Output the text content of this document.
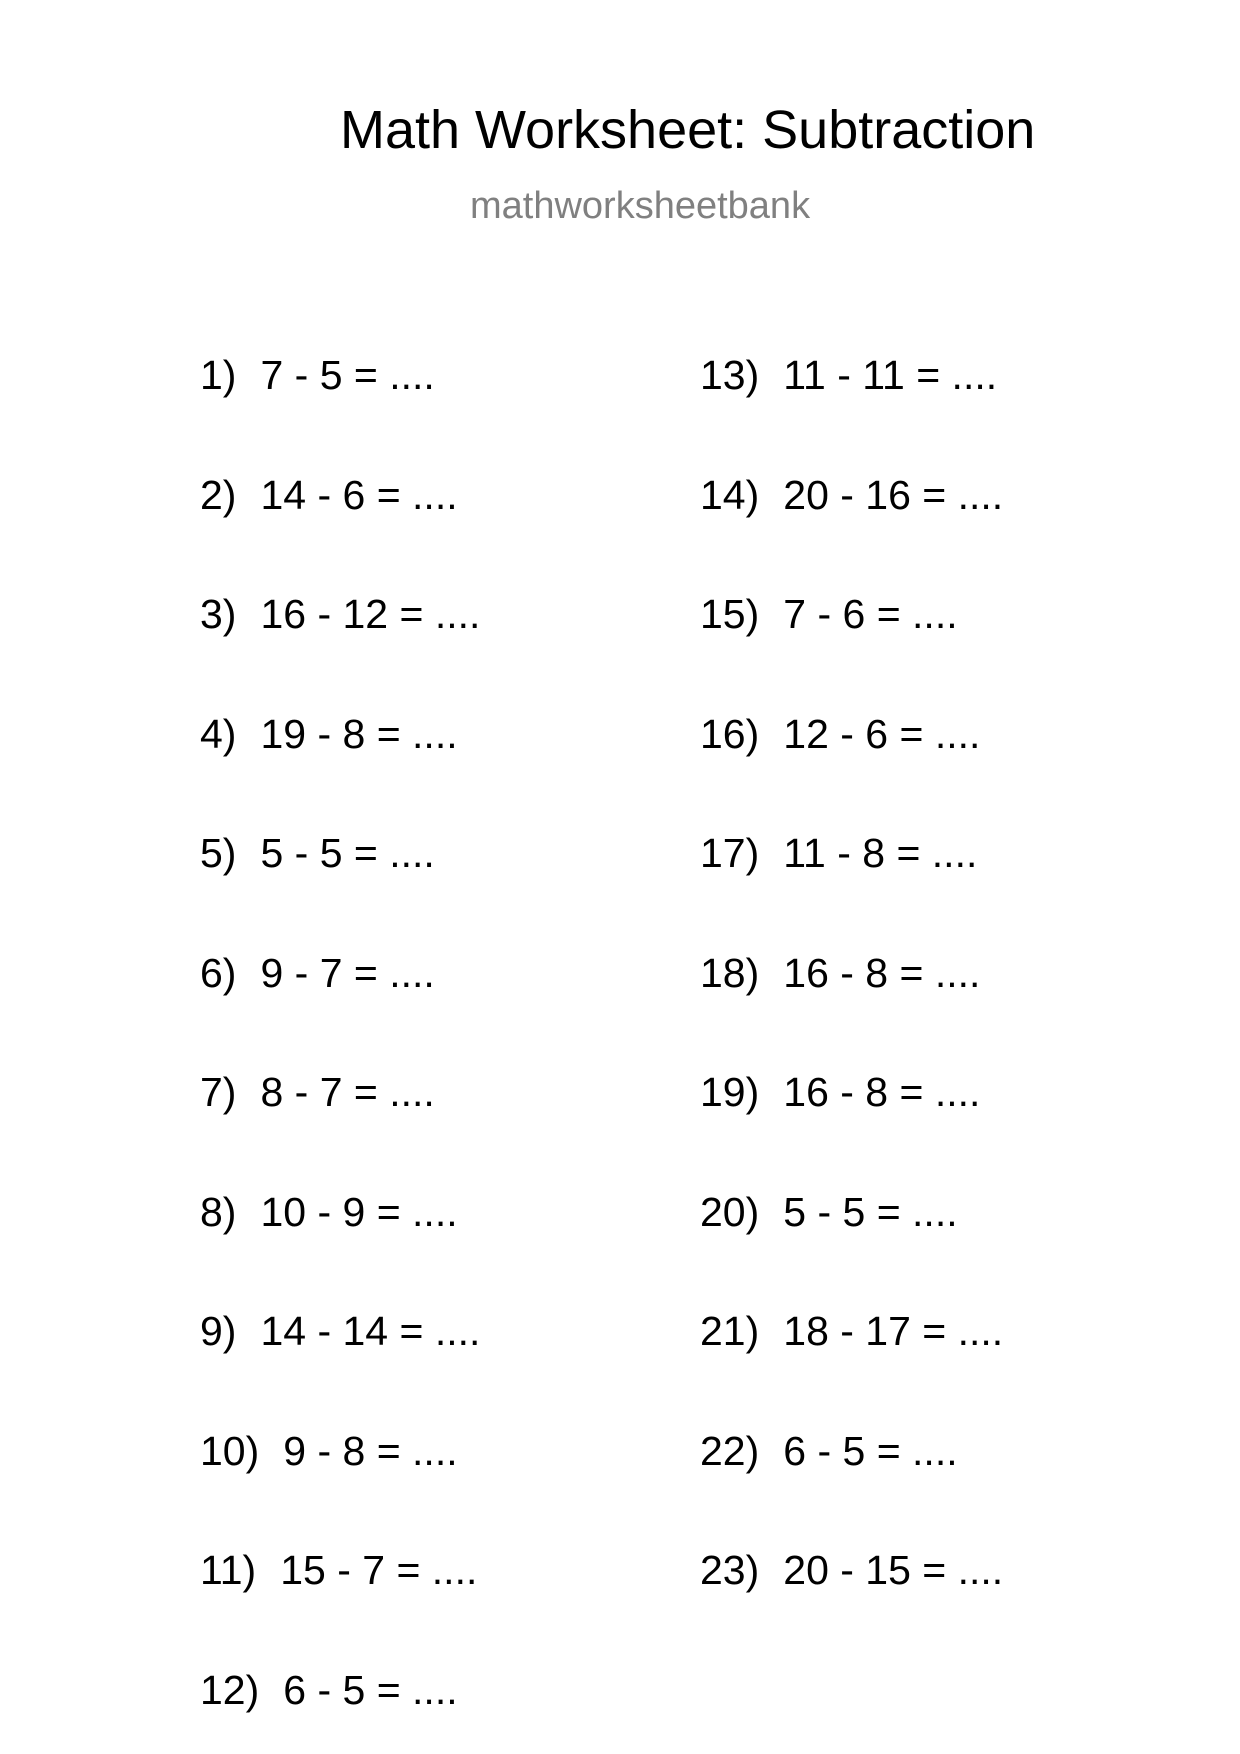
Math Worksheet: Subtraction
mathworksheetbank
1) 7 - 5 = ....
2) 14 - 6 = ....
3) 16 - 12 = ....
4) 19 - 8 = ....
5) 5 - 5 = ....
6) 9 - 7 = ....
7) 8 - 7 = ....
8) 10 - 9 = ....
9) 14 - 14 = ....
10) 9 - 8 = ....
11) 15 - 7 = ....
12) 6 - 5 = ....
13) 11 - 11 = ....
14) 20 - 16 = ....
15) 7 - 6 = ....
16) 12 - 6 = ....
17) 11 - 8 = ....
18) 16 - 8 = ....
19) 16 - 8 = ....
20) 5 - 5 = ....
21) 18 - 17 = ....
22) 6 - 5 = ....
23) 20 - 15 = ....
